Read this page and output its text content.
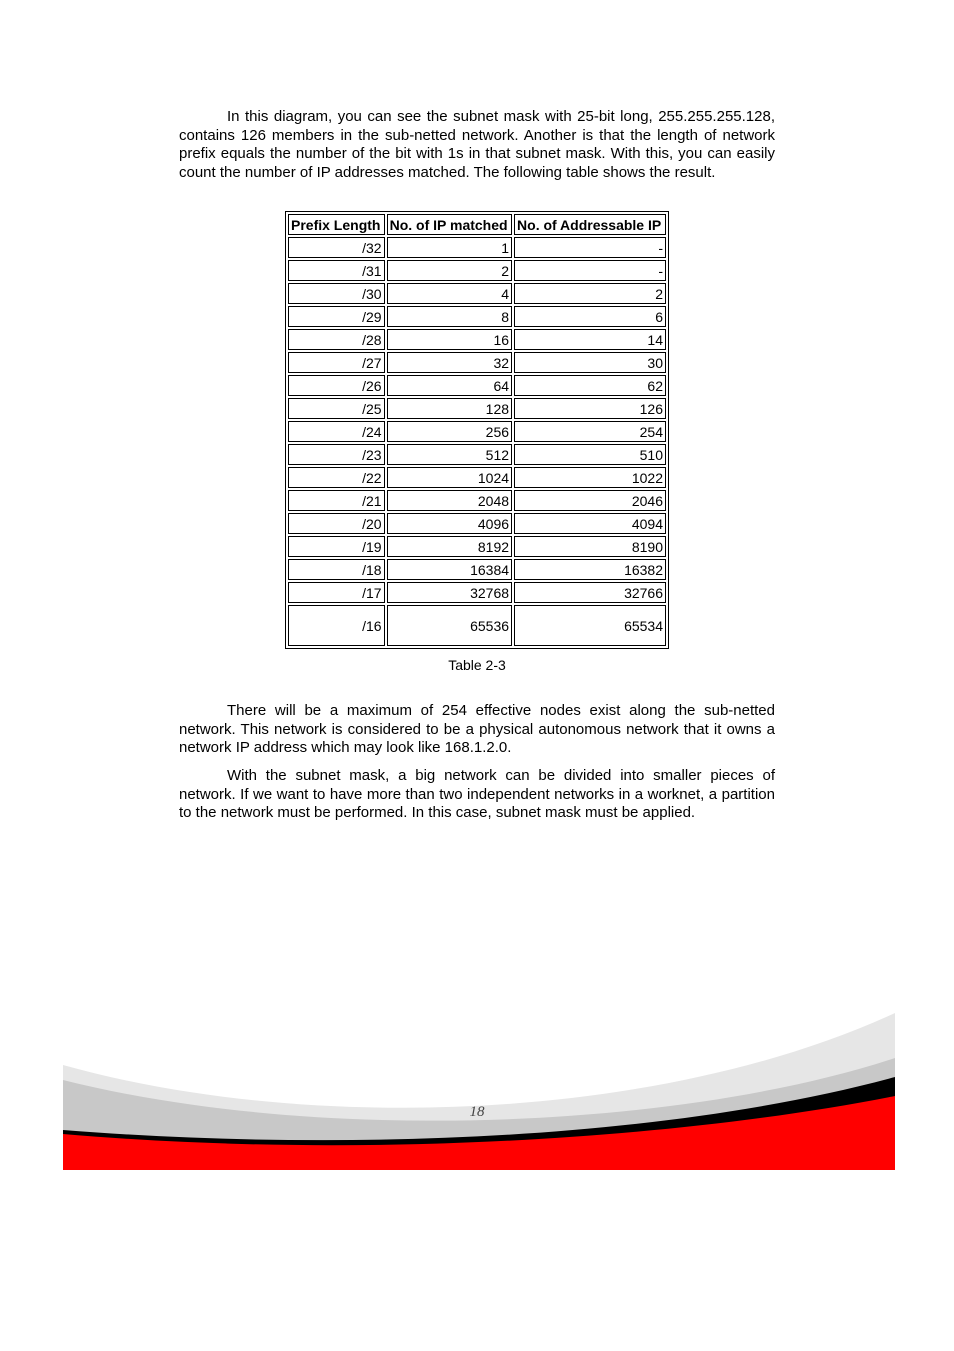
In this diagram, you can see the subnet mask with 25-bit long, 255.255.255.128, contains 126 members in the sub-netted network. Another is that the length of network prefix equals the number of the bit with 1s in that subnet mask. With this, you can easily count the number of IP addresses matched. The following table shows the result.

Prefix Length	No. of IP matched	No. of Addressable IP
/32	1	-
/31	2	-
/30	4	2
/29	8	6
/28	16	14
/27	32	30
/26	64	62
/25	128	126
/24	256	254
/23	512	510
/22	1024	1022
/21	2048	2046
/20	4096	4094
/19	8192	8190
/18	16384	16382
/17	32768	32766
/16	65536	65534
Table 2-3

There will be a maximum of 254 effective nodes exist along the sub-netted network. This network is considered to be a physical autonomous network that it owns a network IP address which may look like 168.1.2.0.

With the subnet mask, a big network can be divided into smaller pieces of network. If we want to have more than two independent networks in a worknet, a partition to the network must be performed. In this case, subnet mask must be applied.

18
